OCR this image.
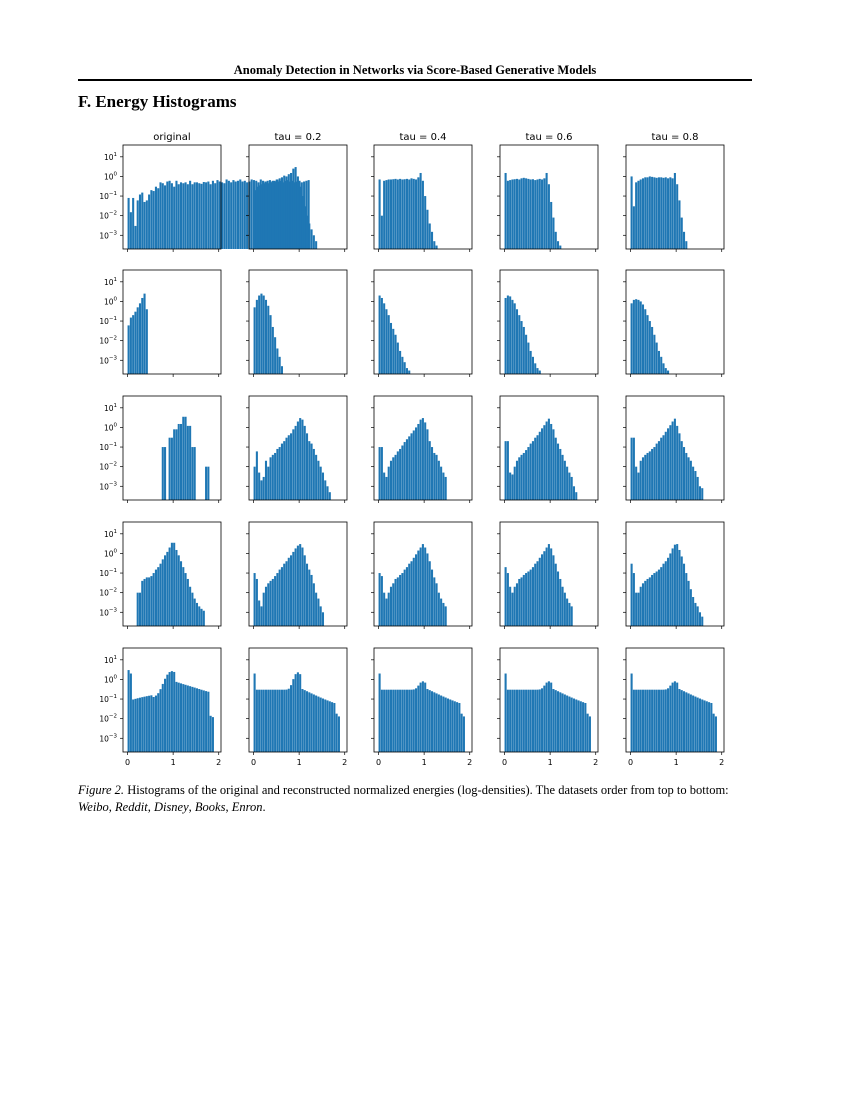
Anomaly Detection in Networks via Score-Based Generative Models
F. Energy Histograms
original	tau = 0.2	tau = 0.4	tau = 0.6	tau = 0.8
$10^{-3}$
$10^{-2}$
$10^{-1}$
$10^0$
$10^1$
$10^{-3}$
$10^{-2}$
$10^{-1}$
$10^0$
$10^1$
$10^{-3}$
$10^{-2}$
$10^{-1}$
$10^0$
$10^1$
$10^{-3}$
$10^{-2}$
$10^{-1}$
$10^0$
$10^1$
$10^{-3}$
$10^{-2}$
$10^{-1}$
$10^0$
$10^1$
0	1	2	0	1	2	0	1	2	0	1	2	0	1	2
Figure 2. Histograms of the original and reconstructed normalized energies (log-densities). The datasets order from top to bottom: Weibo, Reddit, Disney, Books, Enron.
